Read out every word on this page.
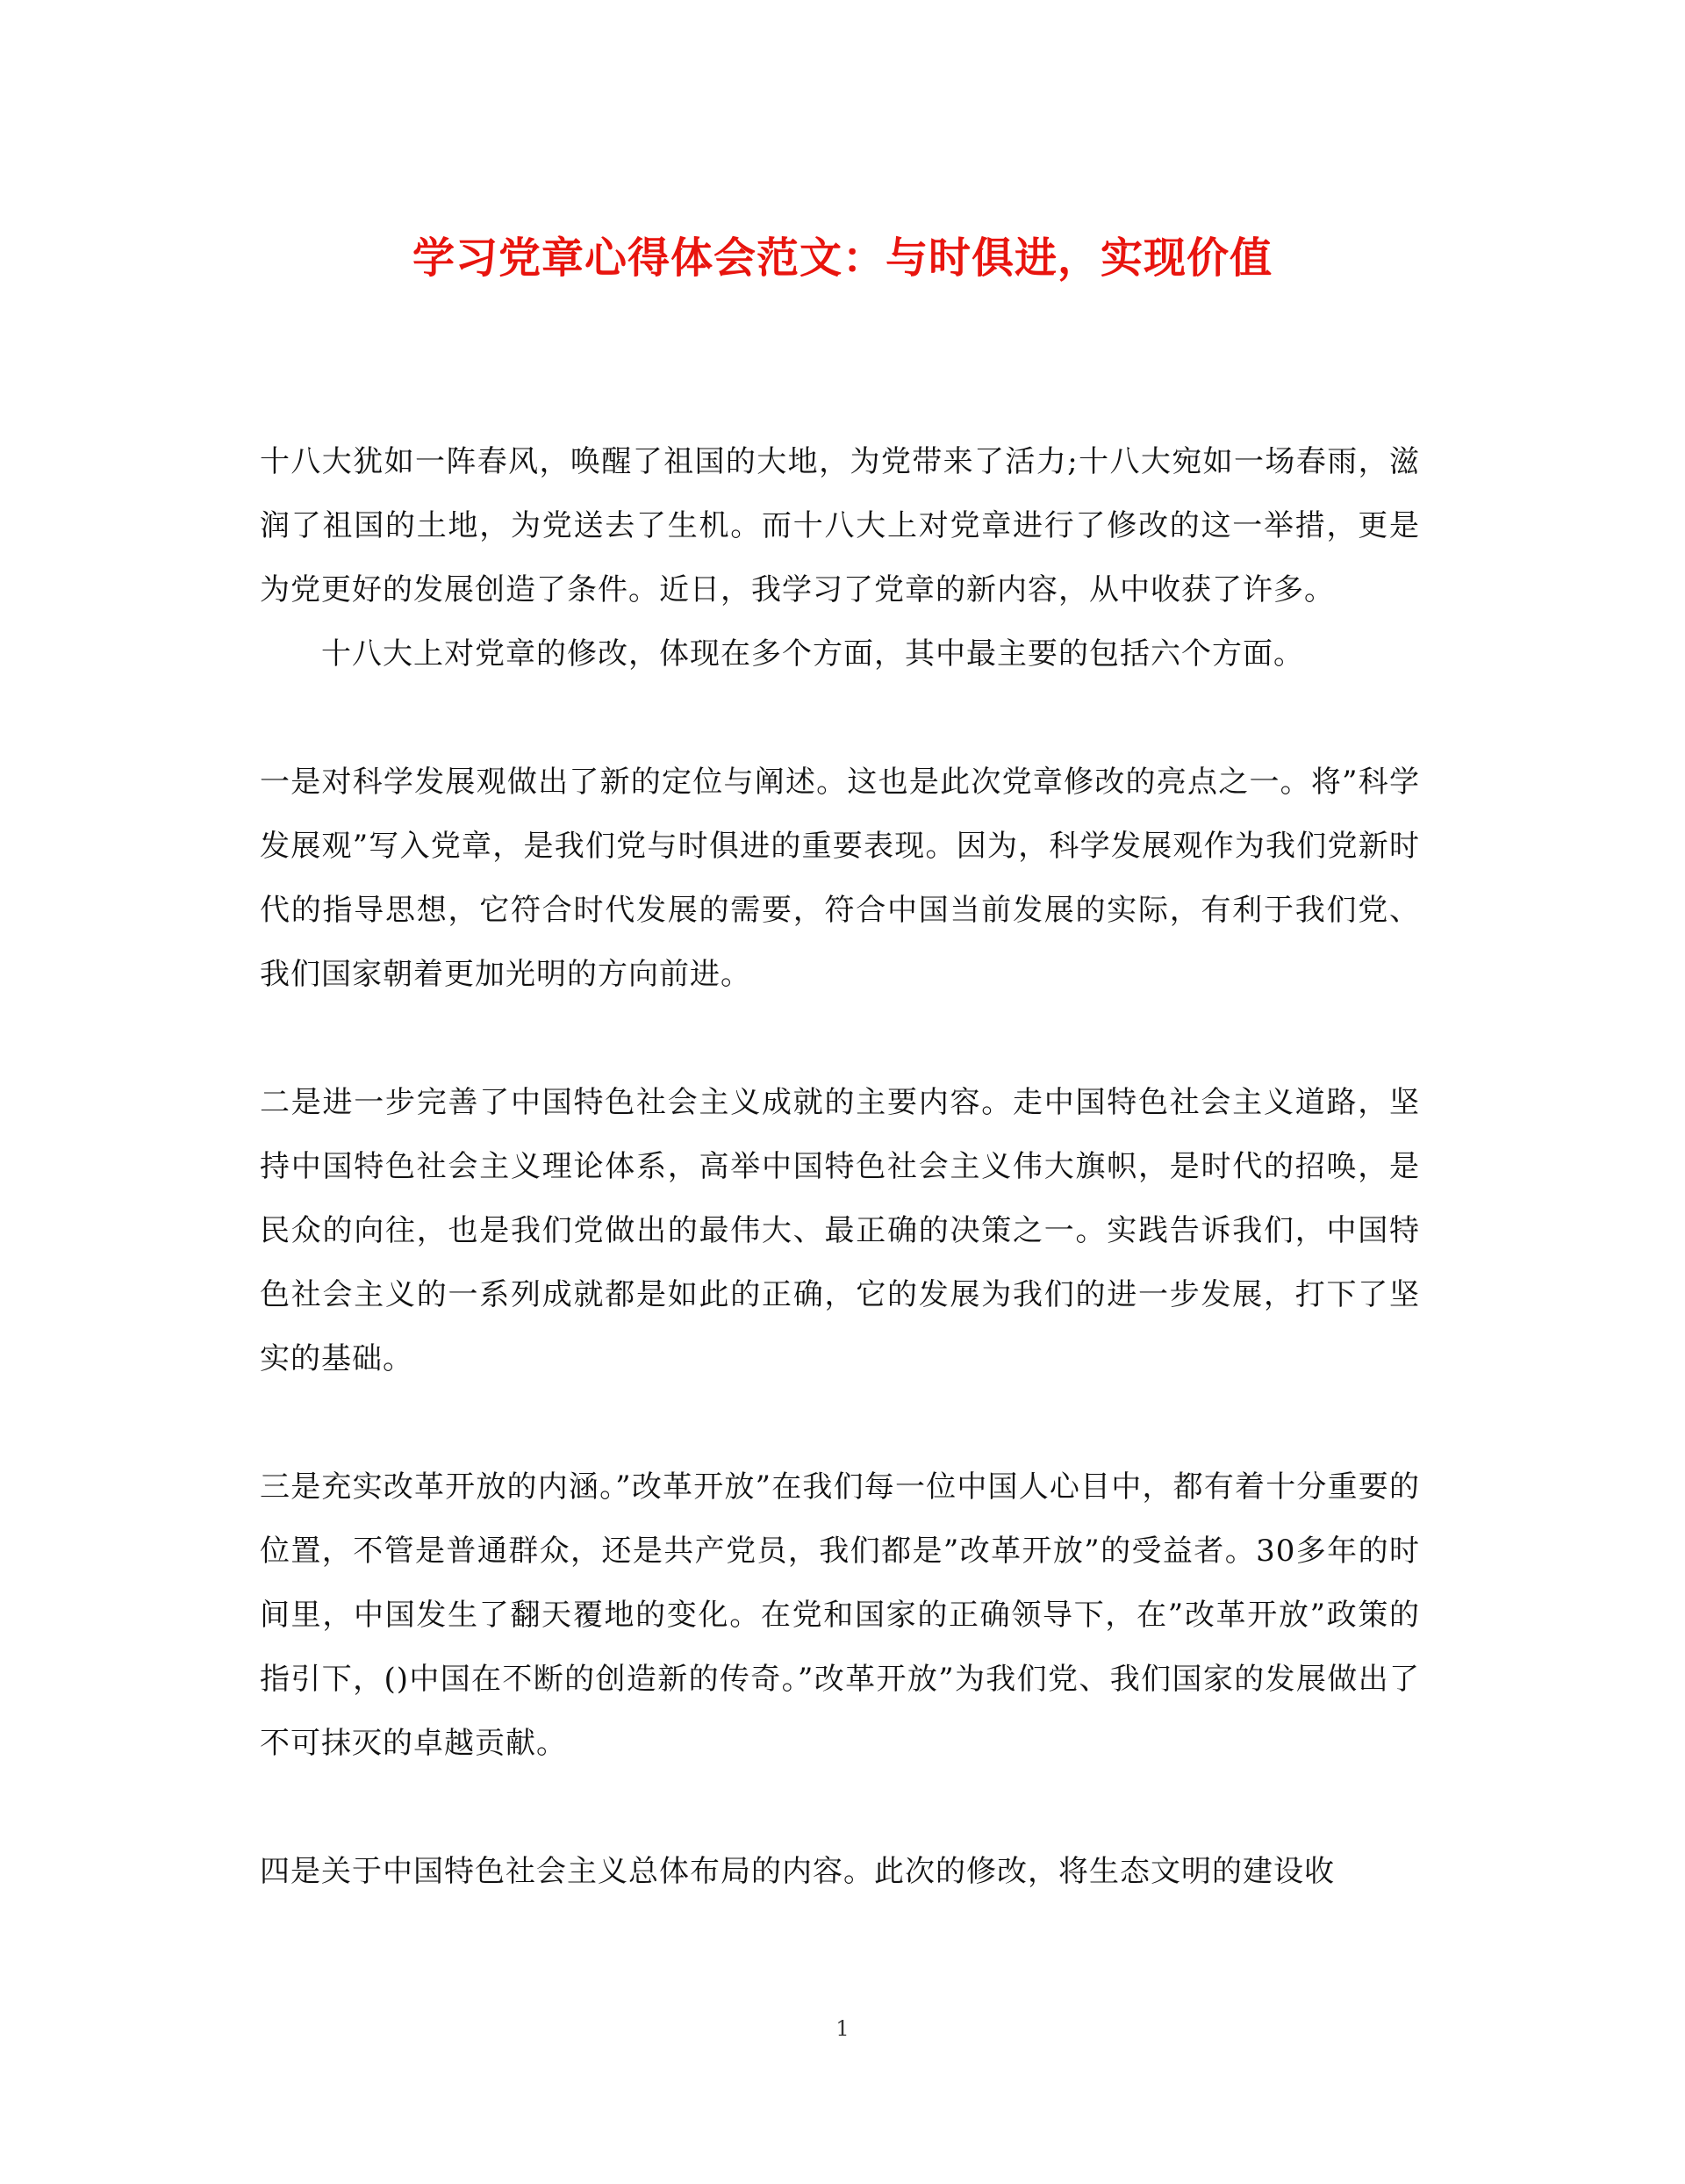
学习党章心得体会范文：与时俱进，实现价值

十八大犹如一阵春风，唤醒了祖国的大地，为党带来了活力;十八大宛如一场春雨，滋润了祖国的土地，为党送去了生机。而十八大上对党章进行了修改的这一举措，更是为党更好的发展创造了条件。近日，我学习了党章的新内容，从中收获了许多。

十八大上对党章的修改，体现在多个方面，其中最主要的包括六个方面。

一是对科学发展观做出了新的定位与阐述。这也是此次党章修改的亮点之一。将”科学发展观”写入党章，是我们党与时俱进的重要表现。因为，科学发展观作为我们党新时代的指导思想，它符合时代发展的需要，符合中国当前发展的实际，有利于我们党、我们国家朝着更加光明的方向前进。

二是进一步完善了中国特色社会主义成就的主要内容。走中国特色社会主义道路，坚持中国特色社会主义理论体系，高举中国特色社会主义伟大旗帜，是时代的招唤，是民众的向往，也是我们党做出的最伟大、最正确的决策之一。实践告诉我们，中国特色社会主义的一系列成就都是如此的正确，它的发展为我们的进一步发展，打下了坚实的基础。

三是充实改革开放的内涵。”改革开放”在我们每一位中国人心目中，都有着十分重要的位置，不管是普通群众，还是共产党员，我们都是”改革开放”的受益者。30多年的时间里，中国发生了翻天覆地的变化。在党和国家的正确领导下，在”改革开放”政策的指引下，()中国在不断的创造新的传奇。”改革开放”为我们党、我们国家的发展做出了不可抹灭的卓越贡献。

四是关于中国特色社会主义总体布局的内容。此次的修改，将生态文明的建设收

1
